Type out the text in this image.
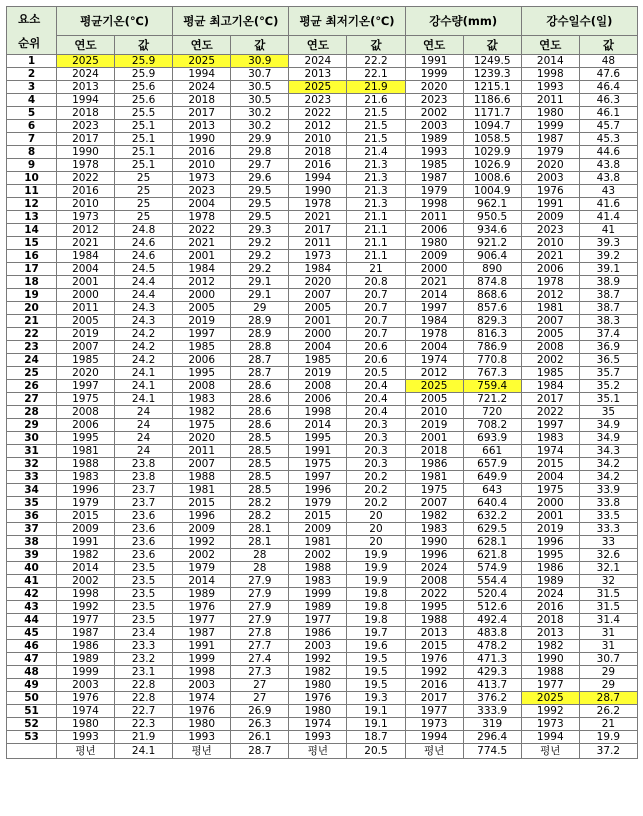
요소
순위	평균기온(℃)		평균 최고기온(℃)		평균 최저기온(℃)		강수량(mm)		강수일수(일)	
	연도	값	연도	값	연도	값	연도	값	연도	값
1	2025	25.9	2025	30.9	2024	22.2	1991	1249.5	2014	48
2	2024	25.9	1994	30.7	2013	22.1	1999	1239.3	1998	47.6
3	2013	25.6	2024	30.5	2025	21.9	2020	1215.1	1993	46.4
4	1994	25.6	2018	30.5	2023	21.6	2023	1186.6	2011	46.3
5	2018	25.5	2017	30.2	2022	21.5	2002	1171.7	1980	46.1
6	2023	25.1	2013	30.2	2012	21.5	2003	1094.7	1999	45.7
7	2017	25.1	1990	29.9	2010	21.5	1989	1058.5	1987	45.3
8	1990	25.1	2016	29.8	2018	21.4	1993	1029.9	1979	44.6
9	1978	25.1	2010	29.7	2016	21.3	1985	1026.9	2020	43.8
10	2022	25	1973	29.6	1994	21.3	1987	1008.6	2003	43.8
11	2016	25	2023	29.5	1990	21.3	1979	1004.9	1976	43
12	2010	25	2004	29.5	1978	21.3	1998	962.1	1991	41.6
13	1973	25	1978	29.5	2021	21.1	2011	950.5	2009	41.4
14	2012	24.8	2022	29.3	2017	21.1	2006	934.6	2023	41
15	2021	24.6	2021	29.2	2011	21.1	1980	921.2	2010	39.3
16	1984	24.6	2001	29.2	1973	21.1	2009	906.4	2021	39.2
17	2004	24.5	1984	29.2	1984	21	2000	890	2006	39.1
18	2001	24.4	2012	29.1	2020	20.8	2021	874.8	1978	38.9
19	2000	24.4	2000	29.1	2007	20.7	2014	868.6	2012	38.7
20	2011	24.3	2005	29	2005	20.7	1997	857.6	1981	38.7
21	2005	24.3	2019	28.9	2001	20.7	1984	829.3	2007	38.3
22	2019	24.2	1997	28.9	2000	20.7	1978	816.3	2005	37.4
23	2007	24.2	1985	28.8	2004	20.6	2004	786.9	2008	36.9
24	1985	24.2	2006	28.7	1985	20.6	1974	770.8	2002	36.5
25	2020	24.1	1995	28.7	2019	20.5	2012	767.3	1985	35.7
26	1997	24.1	2008	28.6	2008	20.4	2025	759.4	1984	35.2
27	1975	24.1	1983	28.6	2006	20.4	2005	721.2	2017	35.1
28	2008	24	1982	28.6	1998	20.4	2010	720	2022	35
29	2006	24	1975	28.6	2014	20.3	2019	708.2	1997	34.9
30	1995	24	2020	28.5	1995	20.3	2001	693.9	1983	34.9
31	1981	24	2011	28.5	1991	20.3	2018	661	1974	34.3
32	1988	23.8	2007	28.5	1975	20.3	1986	657.9	2015	34.2
33	1983	23.8	1988	28.5	1997	20.2	1981	649.9	2004	34.2
34	1996	23.7	1981	28.5	1996	20.2	1975	643	1975	33.9
35	1979	23.7	2015	28.2	1979	20.2	2007	640.4	2000	33.8
36	2015	23.6	1996	28.2	2015	20	1982	632.2	2001	33.5
37	2009	23.6	2009	28.1	2009	20	1983	629.5	2019	33.3
38	1991	23.6	1992	28.1	1981	20	1990	628.1	1996	33
39	1982	23.6	2002	28	2002	19.9	1996	621.8	1995	32.6
40	2014	23.5	1979	28	1988	19.9	2024	574.9	1986	32.1
41	2002	23.5	2014	27.9	1983	19.9	2008	554.4	1989	32
42	1998	23.5	1989	27.9	1999	19.8	2022	520.4	2024	31.5
43	1992	23.5	1976	27.9	1989	19.8	1995	512.6	2016	31.5
44	1977	23.5	1977	27.9	1977	19.8	1988	492.4	2018	31.4
45	1987	23.4	1987	27.8	1986	19.7	2013	483.8	2013	31
46	1986	23.3	1991	27.7	2003	19.6	2015	478.2	1982	31
47	1989	23.2	1999	27.4	1992	19.5	1976	471.3	1990	30.7
48	1999	23.1	1998	27.3	1982	19.5	1992	429.3	1988	29
49	2003	22.8	2003	27	1980	19.5	2016	413.7	1977	29
50	1976	22.8	1974	27	1976	19.3	2017	376.2	2025	28.7
51	1974	22.7	1976	26.9	1980	19.1	1977	333.9	1992	26.2
52	1980	22.3	1980	26.3	1974	19.1	1973	319	1973	21
53	1993	21.9	1993	26.1	1993	18.7	1994	296.4	1994	19.9
	평년	24.1	평년	28.7	평년	20.5	평년	774.5	평년	37.2
